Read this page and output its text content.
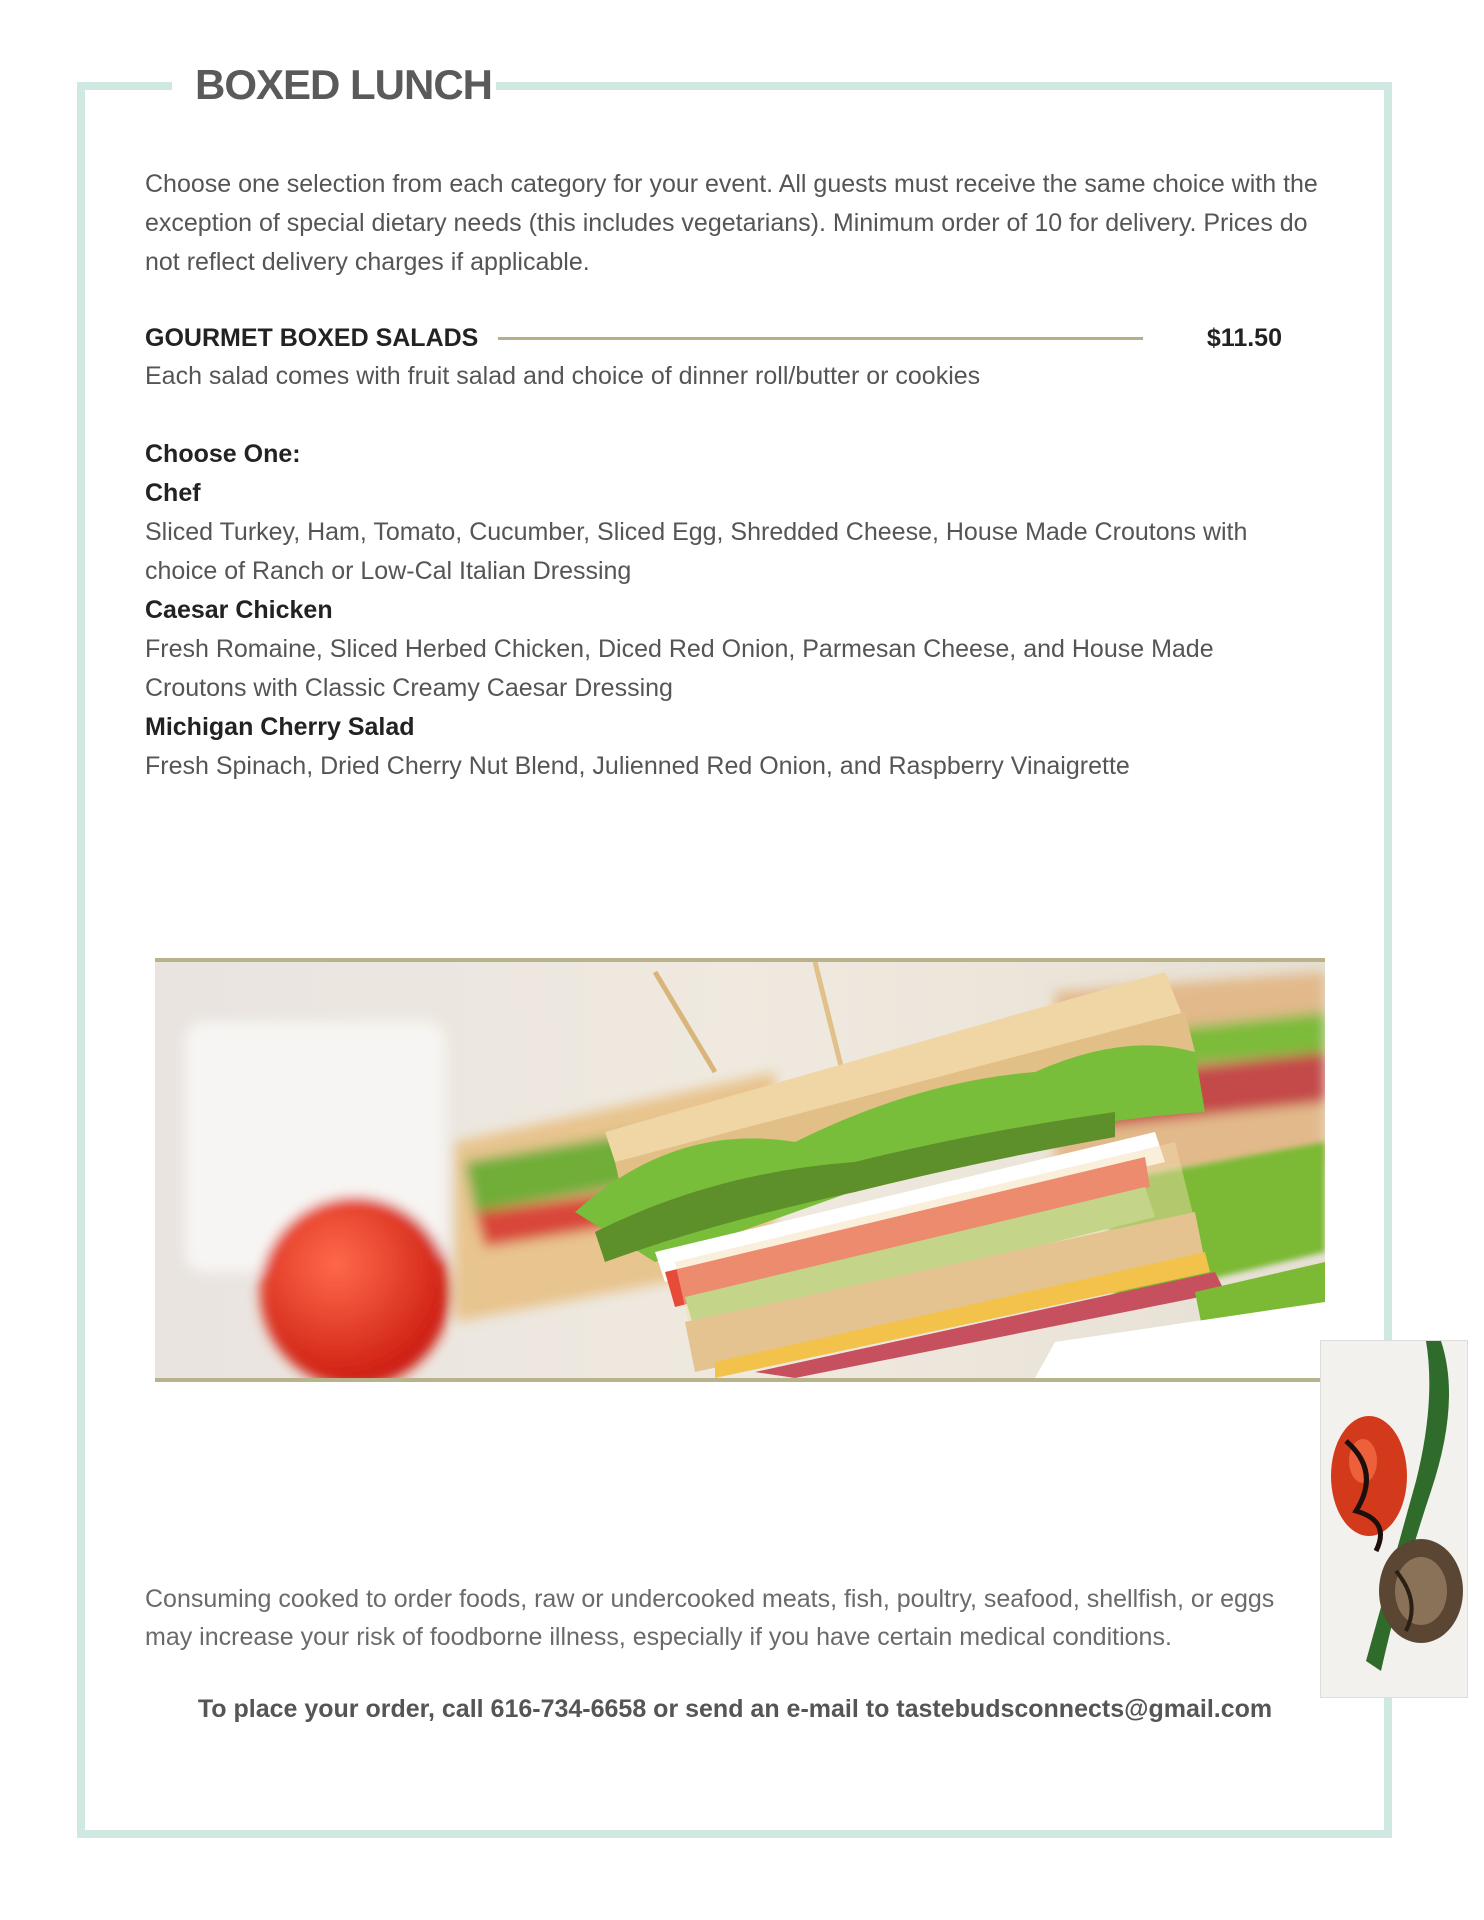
BOXED LUNCH

Choose one selection from each category for your event. All guests must receive the same choice with the exception of special dietary needs (this includes vegetarians). Minimum order of 10 for delivery. Prices do not reflect delivery charges if applicable.

GOURMET BOXED SALADS	$11.50

Each salad comes with fruit salad and choice of dinner roll/butter or cookies

Choose One:

Chef

Sliced Turkey, Ham, Tomato, Cucumber, Sliced Egg, Shredded Cheese, House Made Croutons with choice of Ranch or Low-Cal Italian Dressing

Caesar Chicken

Fresh Romaine, Sliced Herbed Chicken, Diced Red Onion, Parmesan Cheese, and House Made Croutons with Classic Creamy Caesar Dressing

Michigan Cherry Salad

Fresh Spinach, Dried Cherry Nut Blend, Julienned Red Onion, and Raspberry Vinaigrette

Consuming cooked to order foods, raw or undercooked meats, fish, poultry, seafood, shellfish, or eggs may increase your risk of foodborne illness, especially if you have certain medical conditions.

To place your order, call 616-734-6658 or send an e-mail to tastebudsconnects@gmail.com
